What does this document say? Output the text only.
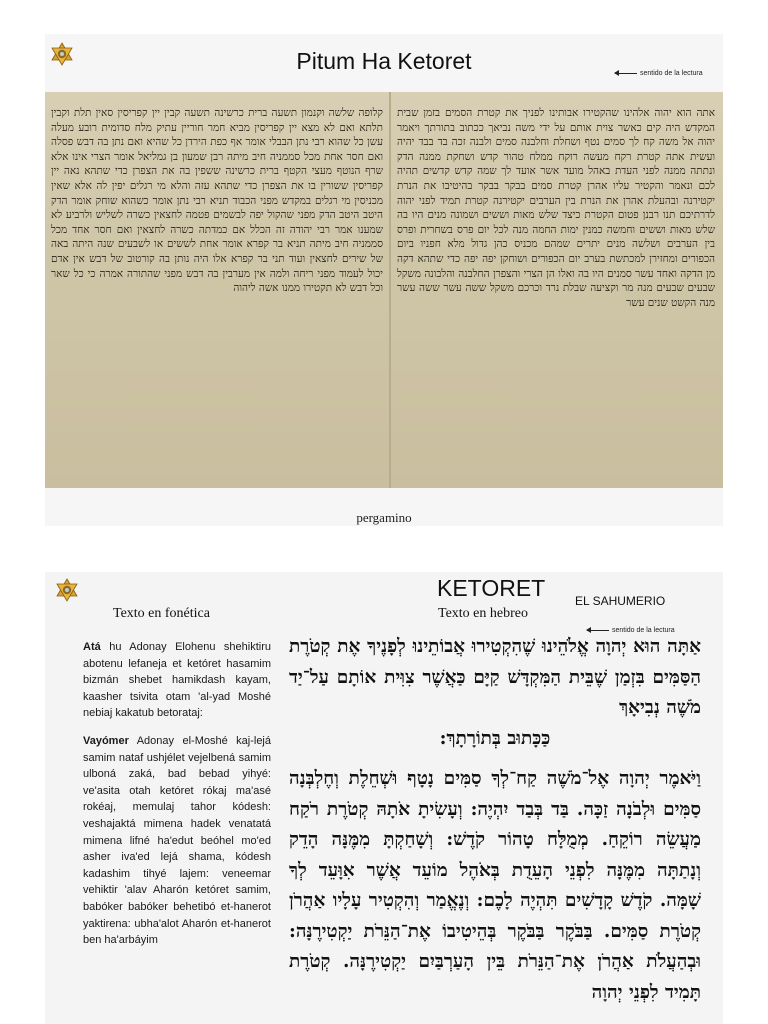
Pitum Ha Ketoret	sentido de la lectura

אתה הוא יהוה אלהינו שהקטירו אבותינו לפניך את קטרת הסמים בזמן שבית המקדש היה קים כאשר צוית אותם על ידי משה נביאך ככתוב בתורתך ויאמר יהוה אל משה קח לך סמים נטף ושחלת וחלבנה סמים ולבנה זכה בד בבד יהיה ועשית אתה קטרת רקח מעשה רוקח ממלח טהור קדש ושחקת ממנה הדק ונתתה ממנה לפני העדת באהל מועד אשר אועד לך שמה קדש קדשים תהיה לכם ונאמר והקטיר עליו אהרן קטרת סמים בבקר בבקר בהיטיבו את הנרת יקטירנה ובהעלת אהרן את הנרת בין הערבים יקטירנה קטרת תמיד לפני יהוה לדרתיכם תנו רבנן פטום הקטרת כיצד שלש מאות וששים ושמונה מנים היו בה שלש מאות וששים וחמשה כמנין ימות החמה מנה לכל יום פרס בשחרית ופרס בין הערבים ושלשה מנים יתרים שמהם מכניס כהן גדול מלא חפניו ביום הכפורים ומחזירן למכתשת בערב יום הכפורים ושוחקן יפה יפה כדי שתהא דקה מן הדקה ואחד עשר סמנים היו בה ואלו הן הצרי והצפרן החלבנה והלבונה משקל שבעים שבעים מנה מר וקציעה שבלת נרד וכרכם משקל ששה עשר ששה עשר מנה הקשט שנים עשר

קלופה שלשה וקנמון תשעה ברית כרשינה תשעה קבין יין קפריסין סאין תלת וקבין תלתא ואם לא מצא יין קפריסין מביא חמר חוריין עתיק מלח סדומית רובע מעלה עשן כל שהוא רבי נתן הבבלי אומר אף כפת הירדן כל שהיא ואם נתן בה דבש פסלה ואם חסר אחת מכל סממניה חיב מיתה רבן שמעון בן גמליאל אומר הצרי אינו אלא שרף הנוטף מעצי הקטף ברית כרשינה ששפין בה את הצפרן כדי שתהא נאה יין קפריסין ששורין בו את הצפרן כדי שתהא עזה והלא מי רגלים יפין לה אלא שאין מכניסין מי רגלים במקדש מפני הכבוד תניא רבי נתן אומר כשהוא שוחק אומר הדק היטב היטב הדק מפני שהקול יפה לבשמים פטמה לחצאין כשרה לשליש ולרביע לא שמענו אמר רבי יהודה זה הכלל אם כמדתה כשרה לחצאין ואם חסר אחד מכל סממניה חיב מיתה תניא בר קפרא אומר אחת לששים או לשבעים שנה היתה באה של שירים לחצאין ועוד תני בר קפרא אלו היה נותן בה קורטוב של דבש אין אדם יכול לעמוד מפני ריחה ולמה אין מערבין בה דבש מפני שהתורה אמרה כי כל שאר וכל דבש לא תקטירו ממנו אשה ליהוה

pergamino
KETORET EL SAHUMERIO
Texto en fonética	Texto en hebreo
sentido de la lectura

Atá hu Adonay Elohenu shehiktiru abotenu lefaneja et ketóret hasamim bizmán shebet hamikdash kayam, kaasher tsivita otam 'al-yad Moshé nebiaj kakatub betorataj:

Vayómer Adonay el-Moshé kaj-lejá samim nataf ushjélet vejelbená samim ulboná zaká, bad bebad yihyé: ve'asita otah ketóret rókaj ma'asé rokéaj, memulaj tahor kódesh: veshajaktá mimena hadek venatatá mimena lifné ha'edut beóhel mo'ed asher iva'ed lejá shama, kódesh kadashim tihyé lajem: veneemar vehiktir 'alav Aharón ketóret samim, babóker babóker behetibó et-hanerot yaktirena: ubha'alot Aharón et-hanerot ben ha'arbáyim

אַתָּה הוּא יְהוָה אֱלֹהֵינוּ שֶׁהִקְטִירוּ אֲבוֹתֵינוּ לְפָנֶיךָ אֶת קְטֹרֶת הַסַּמִּים בִּזְמַן שֶׁבֵּית הַמִּקְדָּשׁ קַיָּם כַּאֲשֶׁר צִוִּית אוֹתָם עַל־יַד מֹשֶׁה נְבִיאָךְ

כַּכָּתוּב בְּתוֹרָתָךְ:

וַיֹּאמֶר יְהוָה אֶל־מֹשֶׁה קַח־לְךָ סַמִּים נָטָף וּשְׁחֵלֶת וְחֶלְבְּנָה סַמִּים וּלְבֹנָה זַכָּה. בַּד בְּבַד יִהְיֶה: וְעָשִׂיתָ אֹתָהּ קְטֹרֶת רֹקַח מַעֲשֵׂה רוֹקֵחַ. מְמֻלָּח טָהוֹר קֹדֶשׁ: וְשָׁחַקְתָּ מִמֶּנָּה הָדֵק וְנָתַתָּה מִמֶּנָּה לִפְנֵי הָעֵדֻת בְּאֹהֶל מוֹעֵד אֲשֶׁר אִוָּעֵד לְךָ שָׁמָּה. קֹדֶשׁ קָדָשִׁים תִּהְיֶה לָכֶם: וְנֶאֱמַר וְהִקְטִיר עָלָיו אַהֲרֹן קְטֹרֶת סַמִּים. בַּבֹּקֶר בַּבֹּקֶר בְּהֵיטִיבוֹ אֶת־הַנֵּרֹת יַקְטִירֶנָּה: וּבְהַעֲלֹת אַהֲרֹן אֶת־הַנֵּרֹת בֵּין הָעַרְבַּיִם יַקְטִירֶנָּה. קְטֹרֶת תָּמִיד לִפְנֵי יְהוָה
